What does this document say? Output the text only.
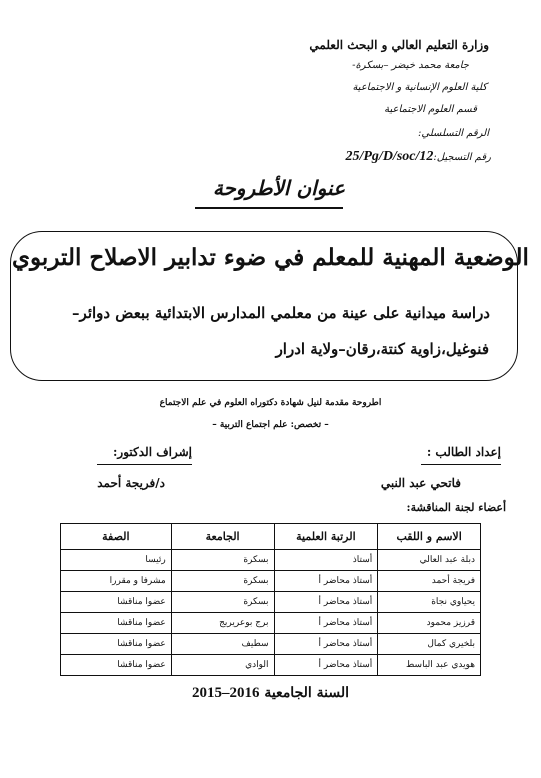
وزارة التعليم العالي و البحث العلمي
جامعة محمد خيضر –بسكرة-
كلية العلوم الإنسانية و الاجتماعية
قسم العلوم الاجتماعية
الرقم التسلسلي:
رقم التسجيل:25/Pg/D/soc/12
عنوان الأطروحة
الوضعية المهنية للمعلم في ضوء تدابير الاصلاح التربوي
دراسة ميدانية على عينة من معلمي المدارس الابتدائية ببعض دوائر–
فنوغيل،زاوية كنتة،رقان–ولاية ادرار
اطروحة مقدمة لنيل شهادة دكتوراه العلوم في علم الاجتماع
– تخصص: علم اجتماع التربية –
إعداد الطالب :
فاتحي عبد النبي
إشراف الدكتور:
د/فريجة أحمد
أعضاء لجنة المناقشة:
الاسم و اللقب	الرتبة العلمية	الجامعة	الصفة
دبلة عبد العالي	أستاذ	بسكرة	رئيسا
فريجة أحمد	أستاذ محاضر أ	بسكرة	مشرفا و مقررا
يحياوي نجاة	أستاذ محاضر أ	بسكرة	عضوا مناقشا
قرزيز محمود	أستاذ محاضر أ	برج بوعريريج	عضوا مناقشا
بلخيري كمال	أستاذ محاضر أ	سطيف	عضوا مناقشا
هويدي عبد الباسط	أستاذ محاضر أ	الوادي	عضوا مناقشا
السنة الجامعية 2015–2016
